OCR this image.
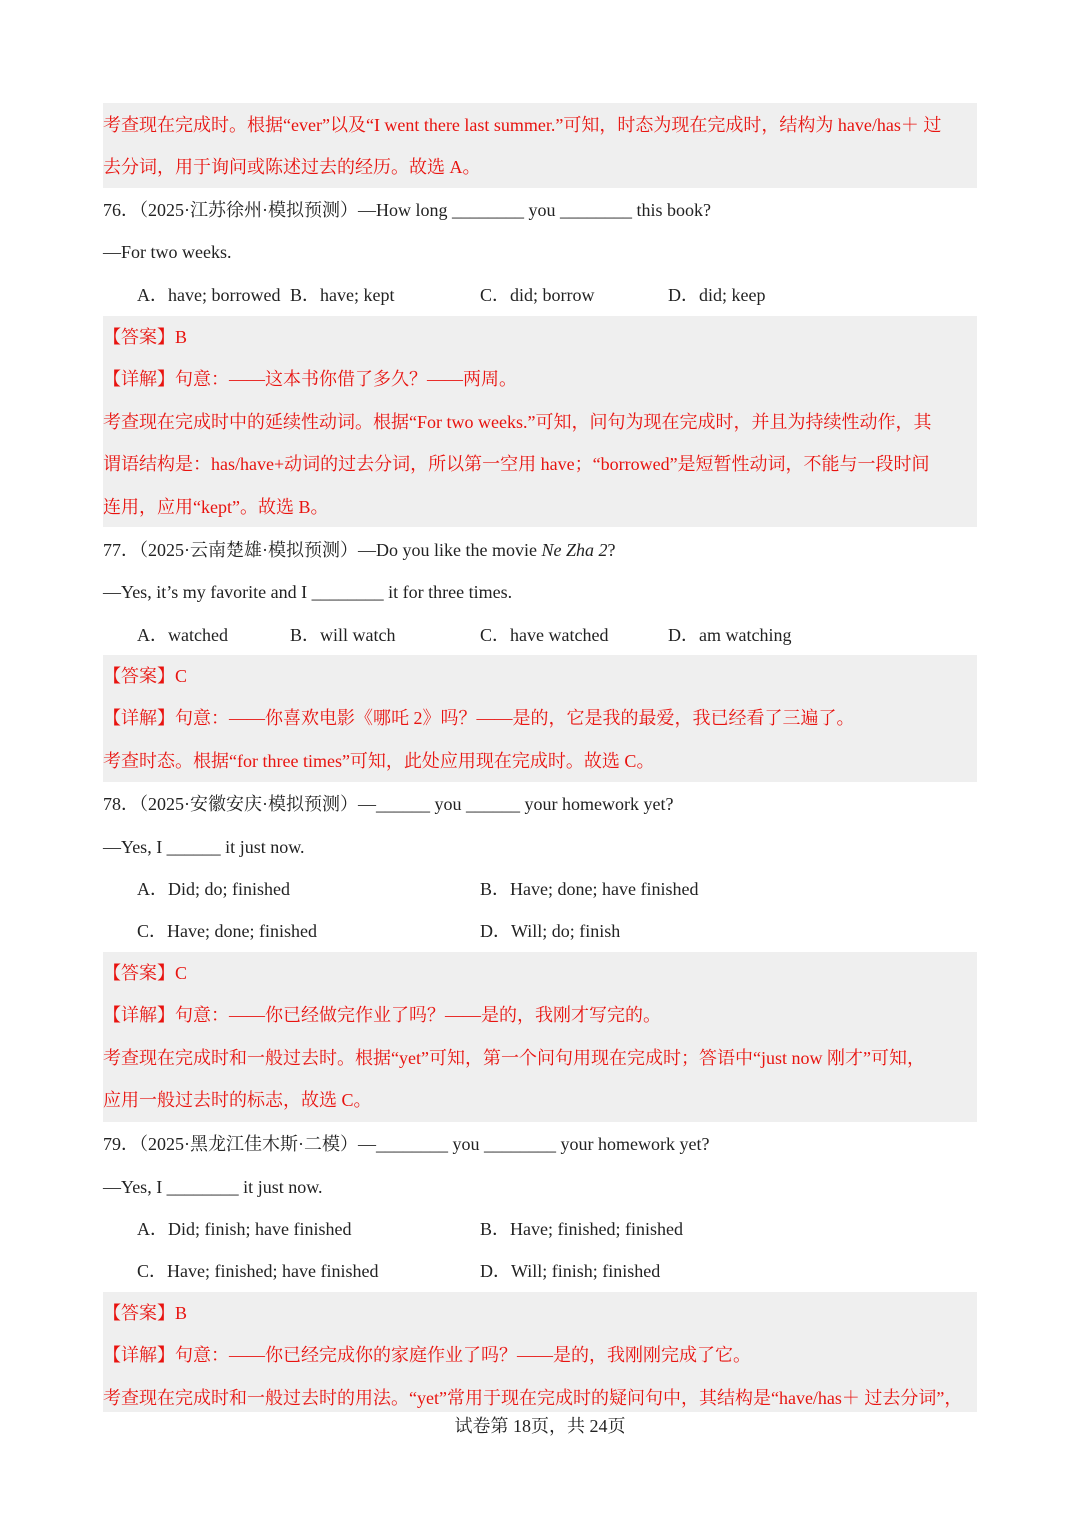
考查现在完成时。根据“ever”以及“I went there last summer.”可知，时态为现在完成时，结构为 have/has＋ 过
去分词，用于询问或陈述过去的经历。故选 A。
76．（2025·江苏徐州·模拟预测）—How long ________ you ________ this book?
—For two weeks.
A．have; borrowed B．have; kept	C．did; borrow	D．did; keep
【答案】B
【详解】句意：——这本书你借了多久？——两周。
考查现在完成时中的延续性动词。根据“For two weeks.”可知，问句为现在完成时，并且为持续性动作，其
谓语结构是：has/have+动词的过去分词，所以第一空用 have；“borrowed”是短暂性动词，不能与一段时间
连用，应用“kept”。故选 B。
77．（2025·云南楚雄·模拟预测）—Do you like the movie Ne Zha 2?
—Yes, it’s my favorite and I ________ it for three times.
A．watched	B．will watch	C．have watched	D．am watching
【答案】C
【详解】句意：——你喜欢电影《哪吒 2》吗？——是的，它是我的最爱，我已经看了三遍了。
考查时态。根据“for three times”可知，此处应用现在完成时。故选 C。
78．（2025·安徽安庆·模拟预测）—______ you ______ your homework yet?
—Yes, I ______ it just now.
A．Did; do; finished	B．Have; done; have finished
C．Have; done; finished	D．Will; do; finish
【答案】C
【详解】句意：——你已经做完作业了吗？——是的，我刚才写完的。
考查现在完成时和一般过去时。根据“yet”可知，第一个问句用现在完成时；答语中“just now 刚才”可知，
应用一般过去时的标志，故选 C。
79．（2025·黑龙江佳木斯·二模）—________ you ________ your homework yet?
—Yes, I ________ it just now.
A．Did; finish; have finished	B．Have; finished; finished
C．Have; finished; have finished	D．Will; finish; finished
【答案】B
【详解】句意：——你已经完成你的家庭作业了吗？——是的，我刚刚完成了它。
考查现在完成时和一般过去时的用法。“yet”常用于现在完成时的疑问句中，其结构是“have/has＋ 过去分词”，
试卷第 18页，共 24页
